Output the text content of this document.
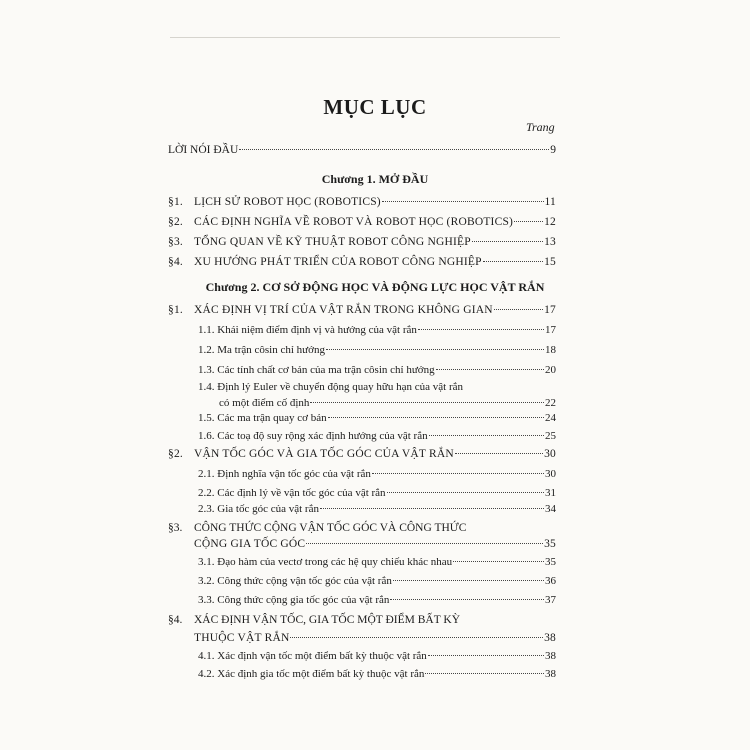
MỤC LỤC
Trang
LỜI NÓI ĐẦU	9
Chương 1. MỞ ĐẦU
§1. LỊCH SỬ ROBOT HỌC (ROBOTICS)	11
§2. CÁC ĐỊNH NGHĨA VỀ ROBOT VÀ ROBOT HỌC (ROBOTICS)	12
§3. TỔNG QUAN VỀ KỸ THUẬT ROBOT CÔNG NGHIỆP	13
§4. XU HƯỚNG PHÁT TRIỂN CỦA ROBOT CÔNG NGHIỆP	15
Chương 2. CƠ SỞ ĐỘNG HỌC VÀ ĐỘNG LỰC HỌC VẬT RẮN
§1. XÁC ĐỊNH VỊ TRÍ CỦA VẬT RẮN TRONG KHÔNG GIAN	17
1.1. Khái niệm điểm định vị và hướng của vật rắn	17
1.2. Ma trận côsin chỉ hướng	18
1.3. Các tính chất cơ bản của ma trận côsin chỉ hướng	20
1.4. Định lý Euler về chuyển động quay hữu hạn của vật rắn
có một điểm cố định	22
1.5. Các ma trận quay cơ bản	24
1.6. Các toạ độ suy rộng xác định hướng của vật rắn	25
§2. VẬN TỐC GÓC VÀ GIA TỐC GÓC CỦA VẬT RẮN	30
2.1. Định nghĩa vận tốc góc của vật rắn	30
2.2. Các định lý về vận tốc góc của vật rắn	31
2.3. Gia tốc góc của vật rắn	34
§3. CÔNG THỨC CỘNG VẬN TỐC GÓC VÀ CÔNG THỨC
CỘNG GIA TỐC GÓC	35
3.1. Đạo hàm của vectơ trong các hệ quy chiếu khác nhau	35
3.2. Công thức cộng vận tốc góc của vật rắn	36
3.3. Công thức cộng gia tốc góc của vật rắn	37
§4. XÁC ĐỊNH VẬN TỐC, GIA TỐC MỘT ĐIỂM BẤT KỲ
THUỘC VẬT RẮN	38
4.1. Xác định vận tốc một điểm bất kỳ thuộc vật rắn	38
4.2. Xác định gia tốc một điểm bất kỳ thuộc vật rắn	38
